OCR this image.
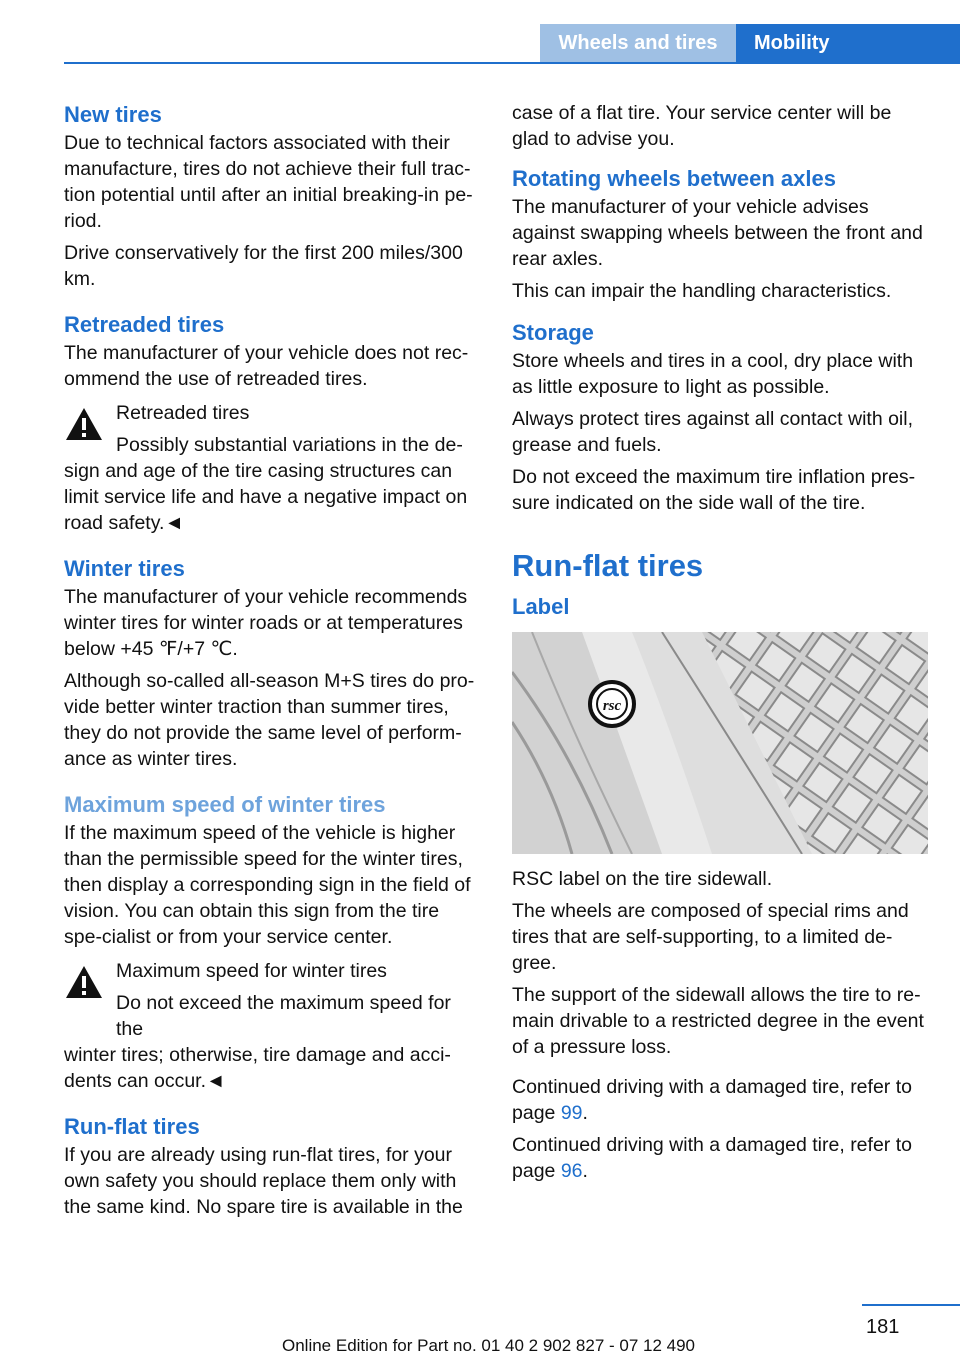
Wheels and tires	Mobility
New tires

Due to technical factors associated with their manufacture, tires do not achieve their full trac-tion potential until after an initial breaking-in pe-riod.

Drive conservatively for the first 200 miles/300 km.

Retreaded tires

The manufacturer of your vehicle does not rec-ommend the use of retreaded tires.

Retreaded tires

Possibly substantial variations in the de-

sign and age of the tire casing structures can limit service life and have a negative impact on road safety.◄

Winter tires

The manufacturer of your vehicle recommends winter tires for winter roads or at temperatures below +45 ℉/+7 ℃.

Although so-called all-season M+S tires do pro-vide better winter traction than summer tires, they do not provide the same level of perform-ance as winter tires.

Maximum speed of winter tires

If the maximum speed of the vehicle is higher than the permissible speed for the winter tires, then display a corresponding sign in the field of vision. You can obtain this sign from the tire spe-cialist or from your service center.

Maximum speed for winter tires

Do not exceed the maximum speed for the

winter tires; otherwise, tire damage and acci-dents can occur.◄

Run-flat tires

If you are already using run-flat tires, for your own safety you should replace them only with the same kind. No spare tire is available in the

case of a flat tire. Your service center will be glad to advise you.

Rotating wheels between axles

The manufacturer of your vehicle advises against swapping wheels between the front and rear axles.

This can impair the handling characteristics.

Storage

Store wheels and tires in a cool, dry place with as little exposure to light as possible.

Always protect tires against all contact with oil, grease and fuels.

Do not exceed the maximum tire inflation pres-sure indicated on the side wall of the tire.

Run-flat tires
Label
rsc

RSC label on the tire sidewall.

The wheels are composed of special rims and tires that are self-supporting, to a limited de-gree.

The support of the sidewall allows the tire to re-main drivable to a restricted degree in the event of a pressure loss.

Continued driving with a damaged tire, refer to page 99.

Continued driving with a damaged tire, refer to page 96.

181
Online Edition for Part no. 01 40 2 902 827 - 07 12 490
